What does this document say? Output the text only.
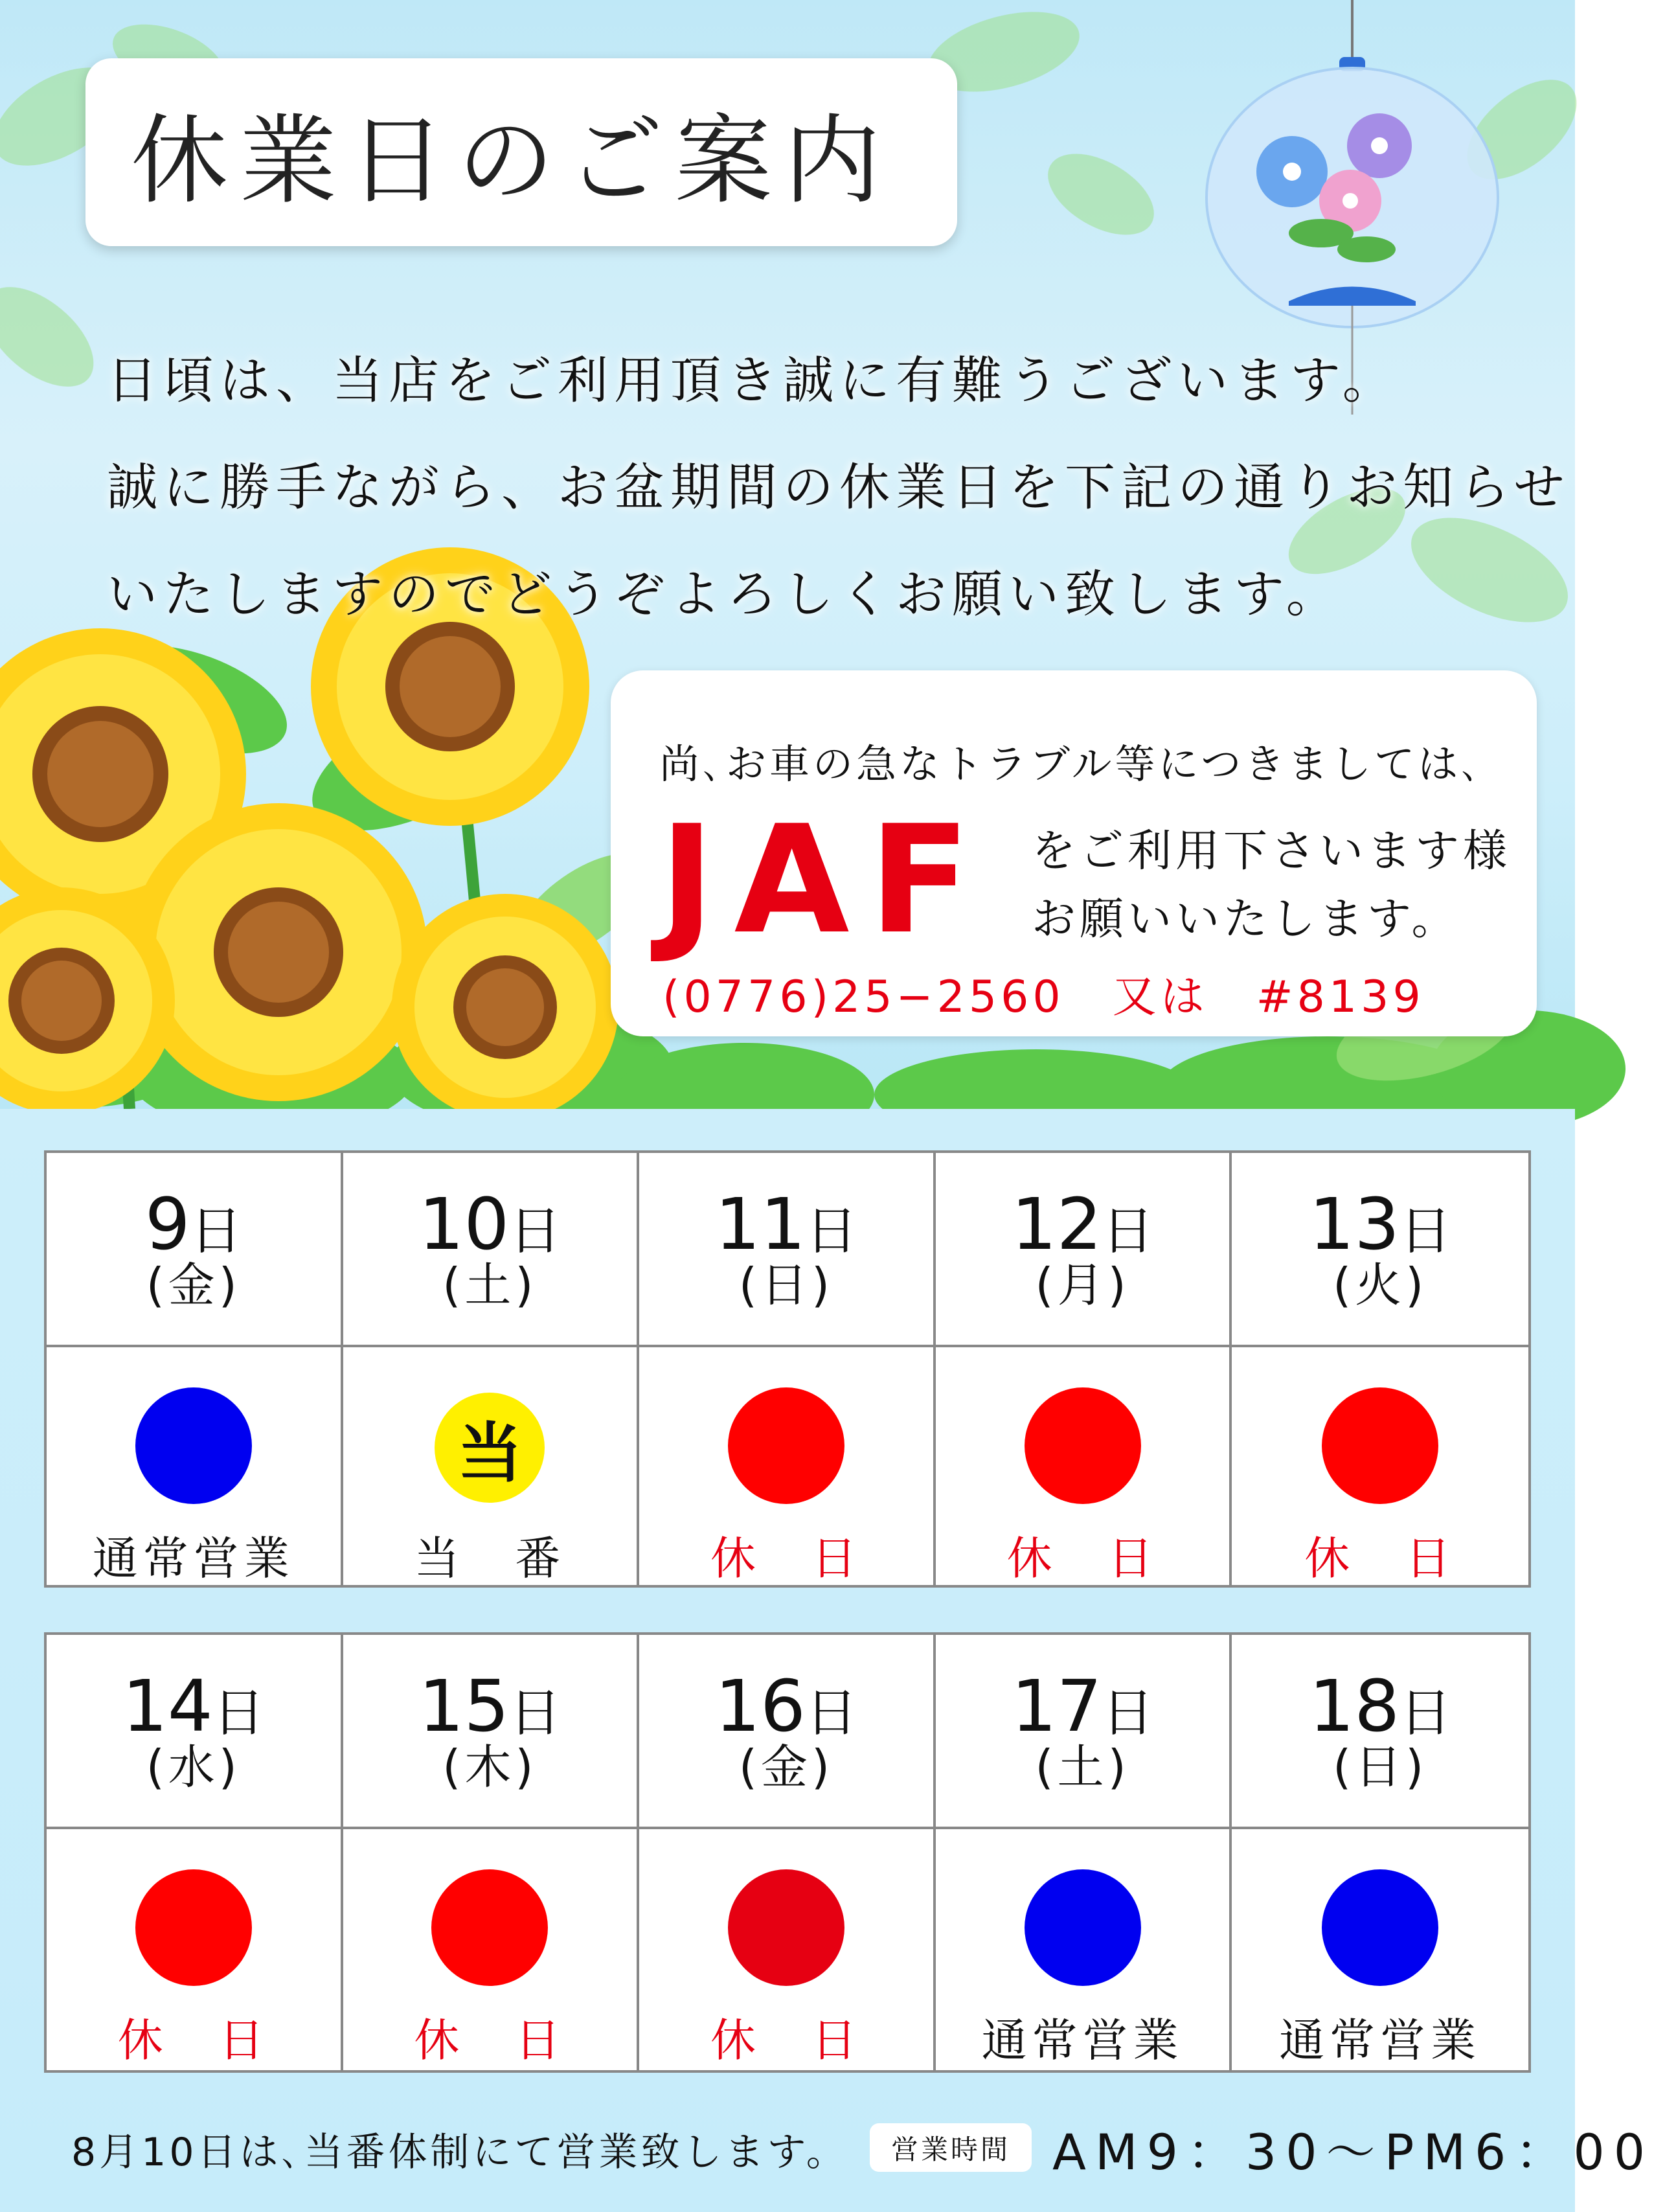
休業日のご案内
日頃は、当店をご利用頂き誠に有難うございます。
誠に勝手ながら、お盆期間の休業日を下記の通りお知らせ
いたしますのでどうぞよろしくお願い致します。
尚､お車の急なトラブル等につきましては､
JAF をご利用下さいます様
お願いいたします。
(0776)25−2560　又は　#8139
9日
(金)
通常営業
10日
(土)
当
当　番
11日
(日)
休　日
12日
(月)
休　日
13日
(火)
休　日
14日
(水)
休　日
15日
(木)
休　日
16日
(金)
休　日
17日
(土)
通常営業
18日
(日)
通常営業
8月10日は､当番体制にて営業致します。	営業時間 AM9：30〜PM6：00
